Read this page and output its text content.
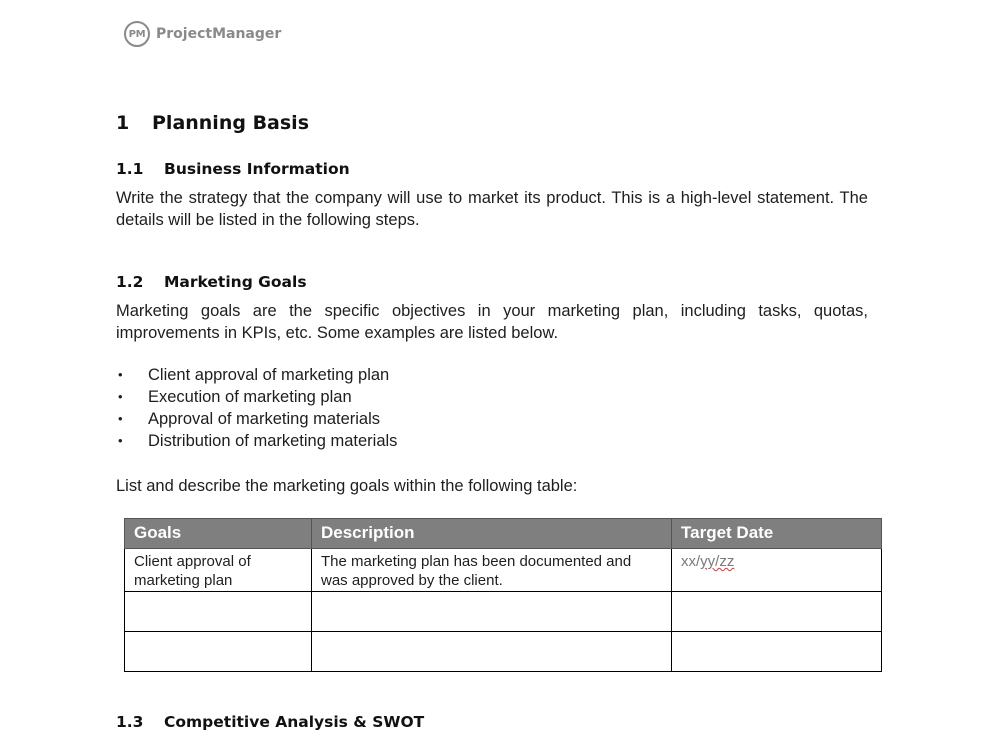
PM ProjectManager
1	Planning Basis
1.1	Business Information
Write the strategy that the company will use to market its product. This is a high-level statement. The details will be listed in the following steps.
1.2	Marketing Goals
Marketing goals are the specific objectives in your marketing plan, including tasks, quotas, improvements in KPIs, etc. Some examples are listed below.
•	Client approval of marketing plan
•	Execution of marketing plan
•	Approval of marketing materials
•	Distribution of marketing materials
List and describe the marketing goals within the following table:
Goals	Description	Target Date
Client approval of marketing plan	The marketing plan has been documented and was approved by the client.	xx/yy/zz

1.3	Competitive Analysis & SWOT
